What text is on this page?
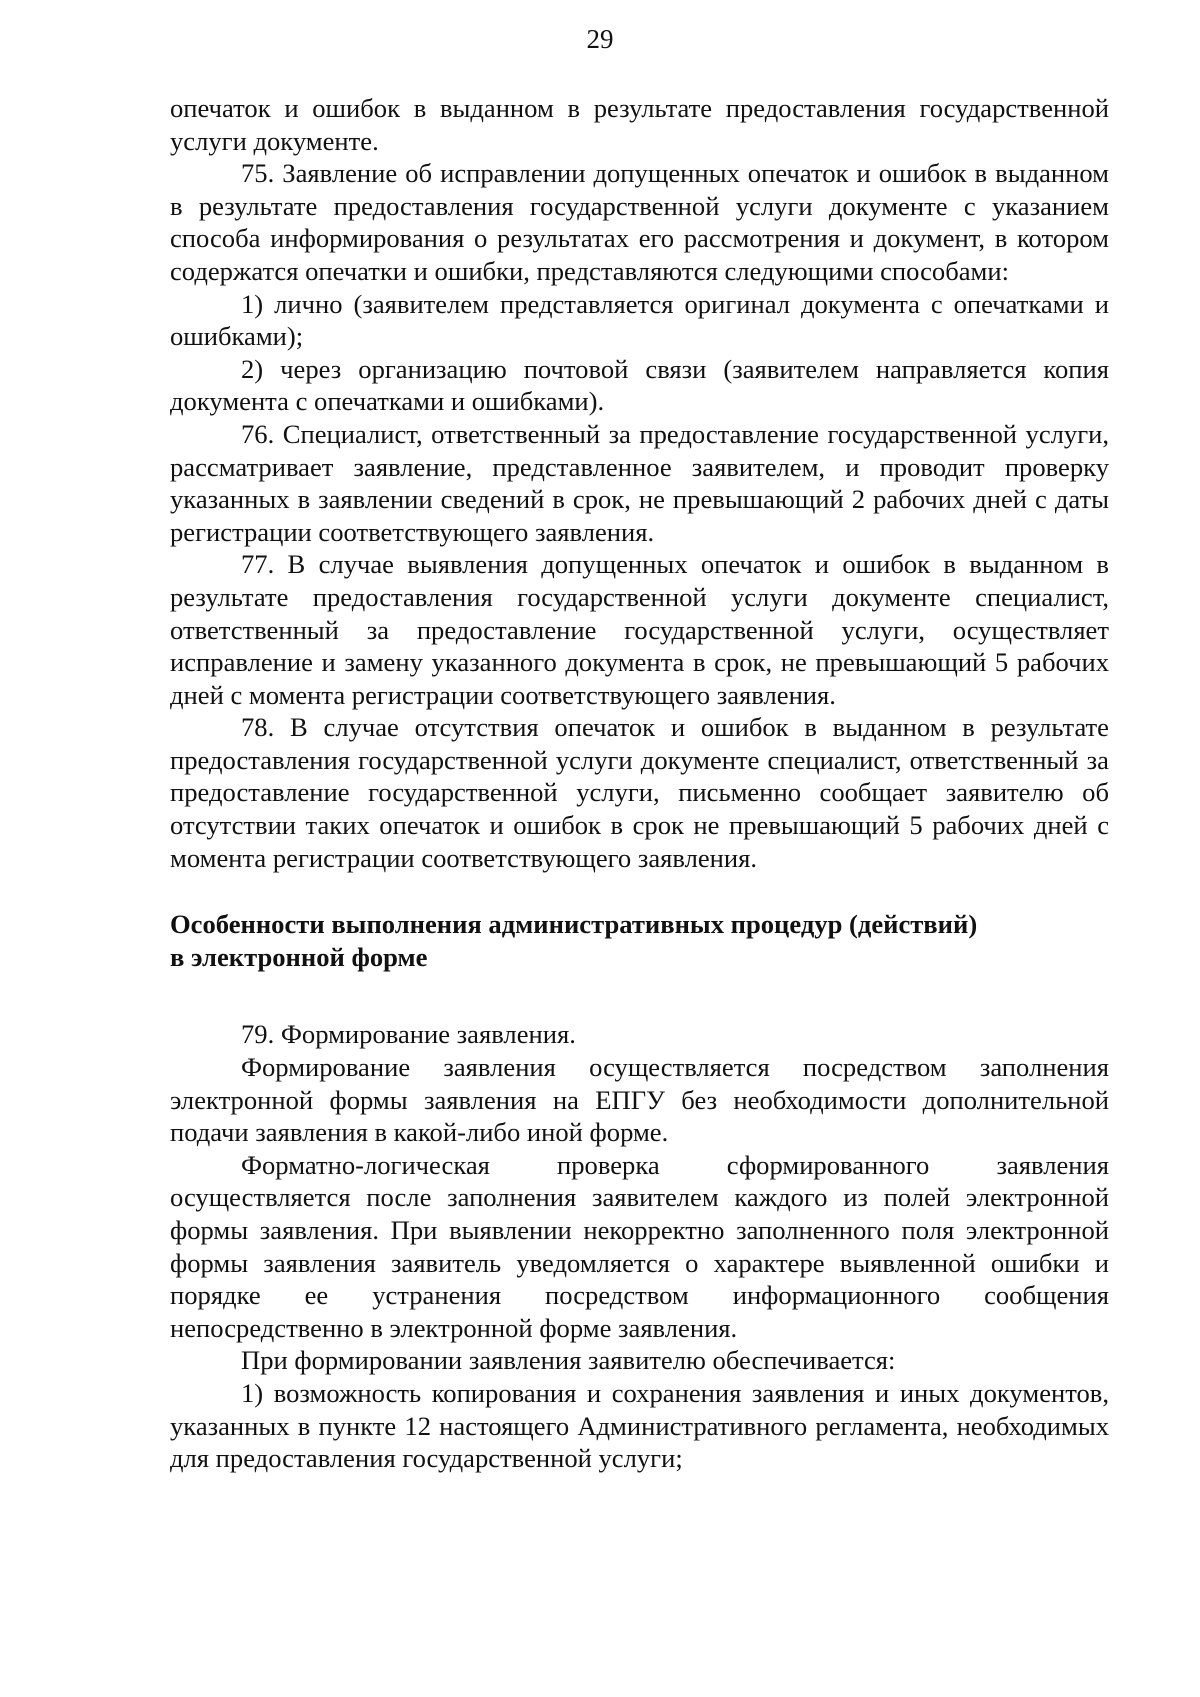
29

опечаток и ошибок в выданном в результате предоставления государственной услуги документе.

75. Заявление об исправлении допущенных опечаток и ошибок в выданном в результате предоставления государственной услуги документе с указанием способа информирования о результатах его рассмотрения и документ, в котором содержатся опечатки и ошибки, представляются следующими способами:

1) лично (заявителем представляется оригинал документа с опечатками и ошибками);

2) через организацию почтовой связи (заявителем направляется копия документа с опечатками и ошибками).

76. Специалист, ответственный за предоставление государственной услуги, рассматривает заявление, представленное заявителем, и проводит проверку указанных в заявлении сведений в срок, не превышающий 2 рабочих дней с даты регистрации соответствующего заявления.

77. В случае выявления допущенных опечаток и ошибок в выданном в результате предоставления государственной услуги документе специалист, ответственный за предоставление государственной услуги, осуществляет исправление и замену указанного документа в срок, не превышающий 5 рабочих дней с момента регистрации соответствующего заявления.

78. В случае отсутствия опечаток и ошибок в выданном в результате предоставления государственной услуги документе специалист, ответственный за предоставление государственной услуги, письменно сообщает заявителю об отсутствии таких опечаток и ошибок в срок не превышающий 5 рабочих дней с момента регистрации соответствующего заявления.

Особенности выполнения административных процедур (действий)

в электронной форме

79. Формирование заявления.

Формирование заявления осуществляется посредством заполнения электронной формы заявления на ЕПГУ без необходимости дополнительной подачи заявления в какой-либо иной форме.

Форматно-логическая проверка сформированного заявления осуществляется после заполнения заявителем каждого из полей электронной формы заявления. При выявлении некорректно заполненного поля электронной формы заявления заявитель уведомляется о характере выявленной ошибки и порядке ее устранения посредством информационного сообщения непосредственно в электронной форме заявления.

При формировании заявления заявителю обеспечивается:

1) возможность копирования и сохранения заявления и иных документов, указанных в пункте 12 настоящего Административного регламента, необходимых для предоставления государственной услуги;
